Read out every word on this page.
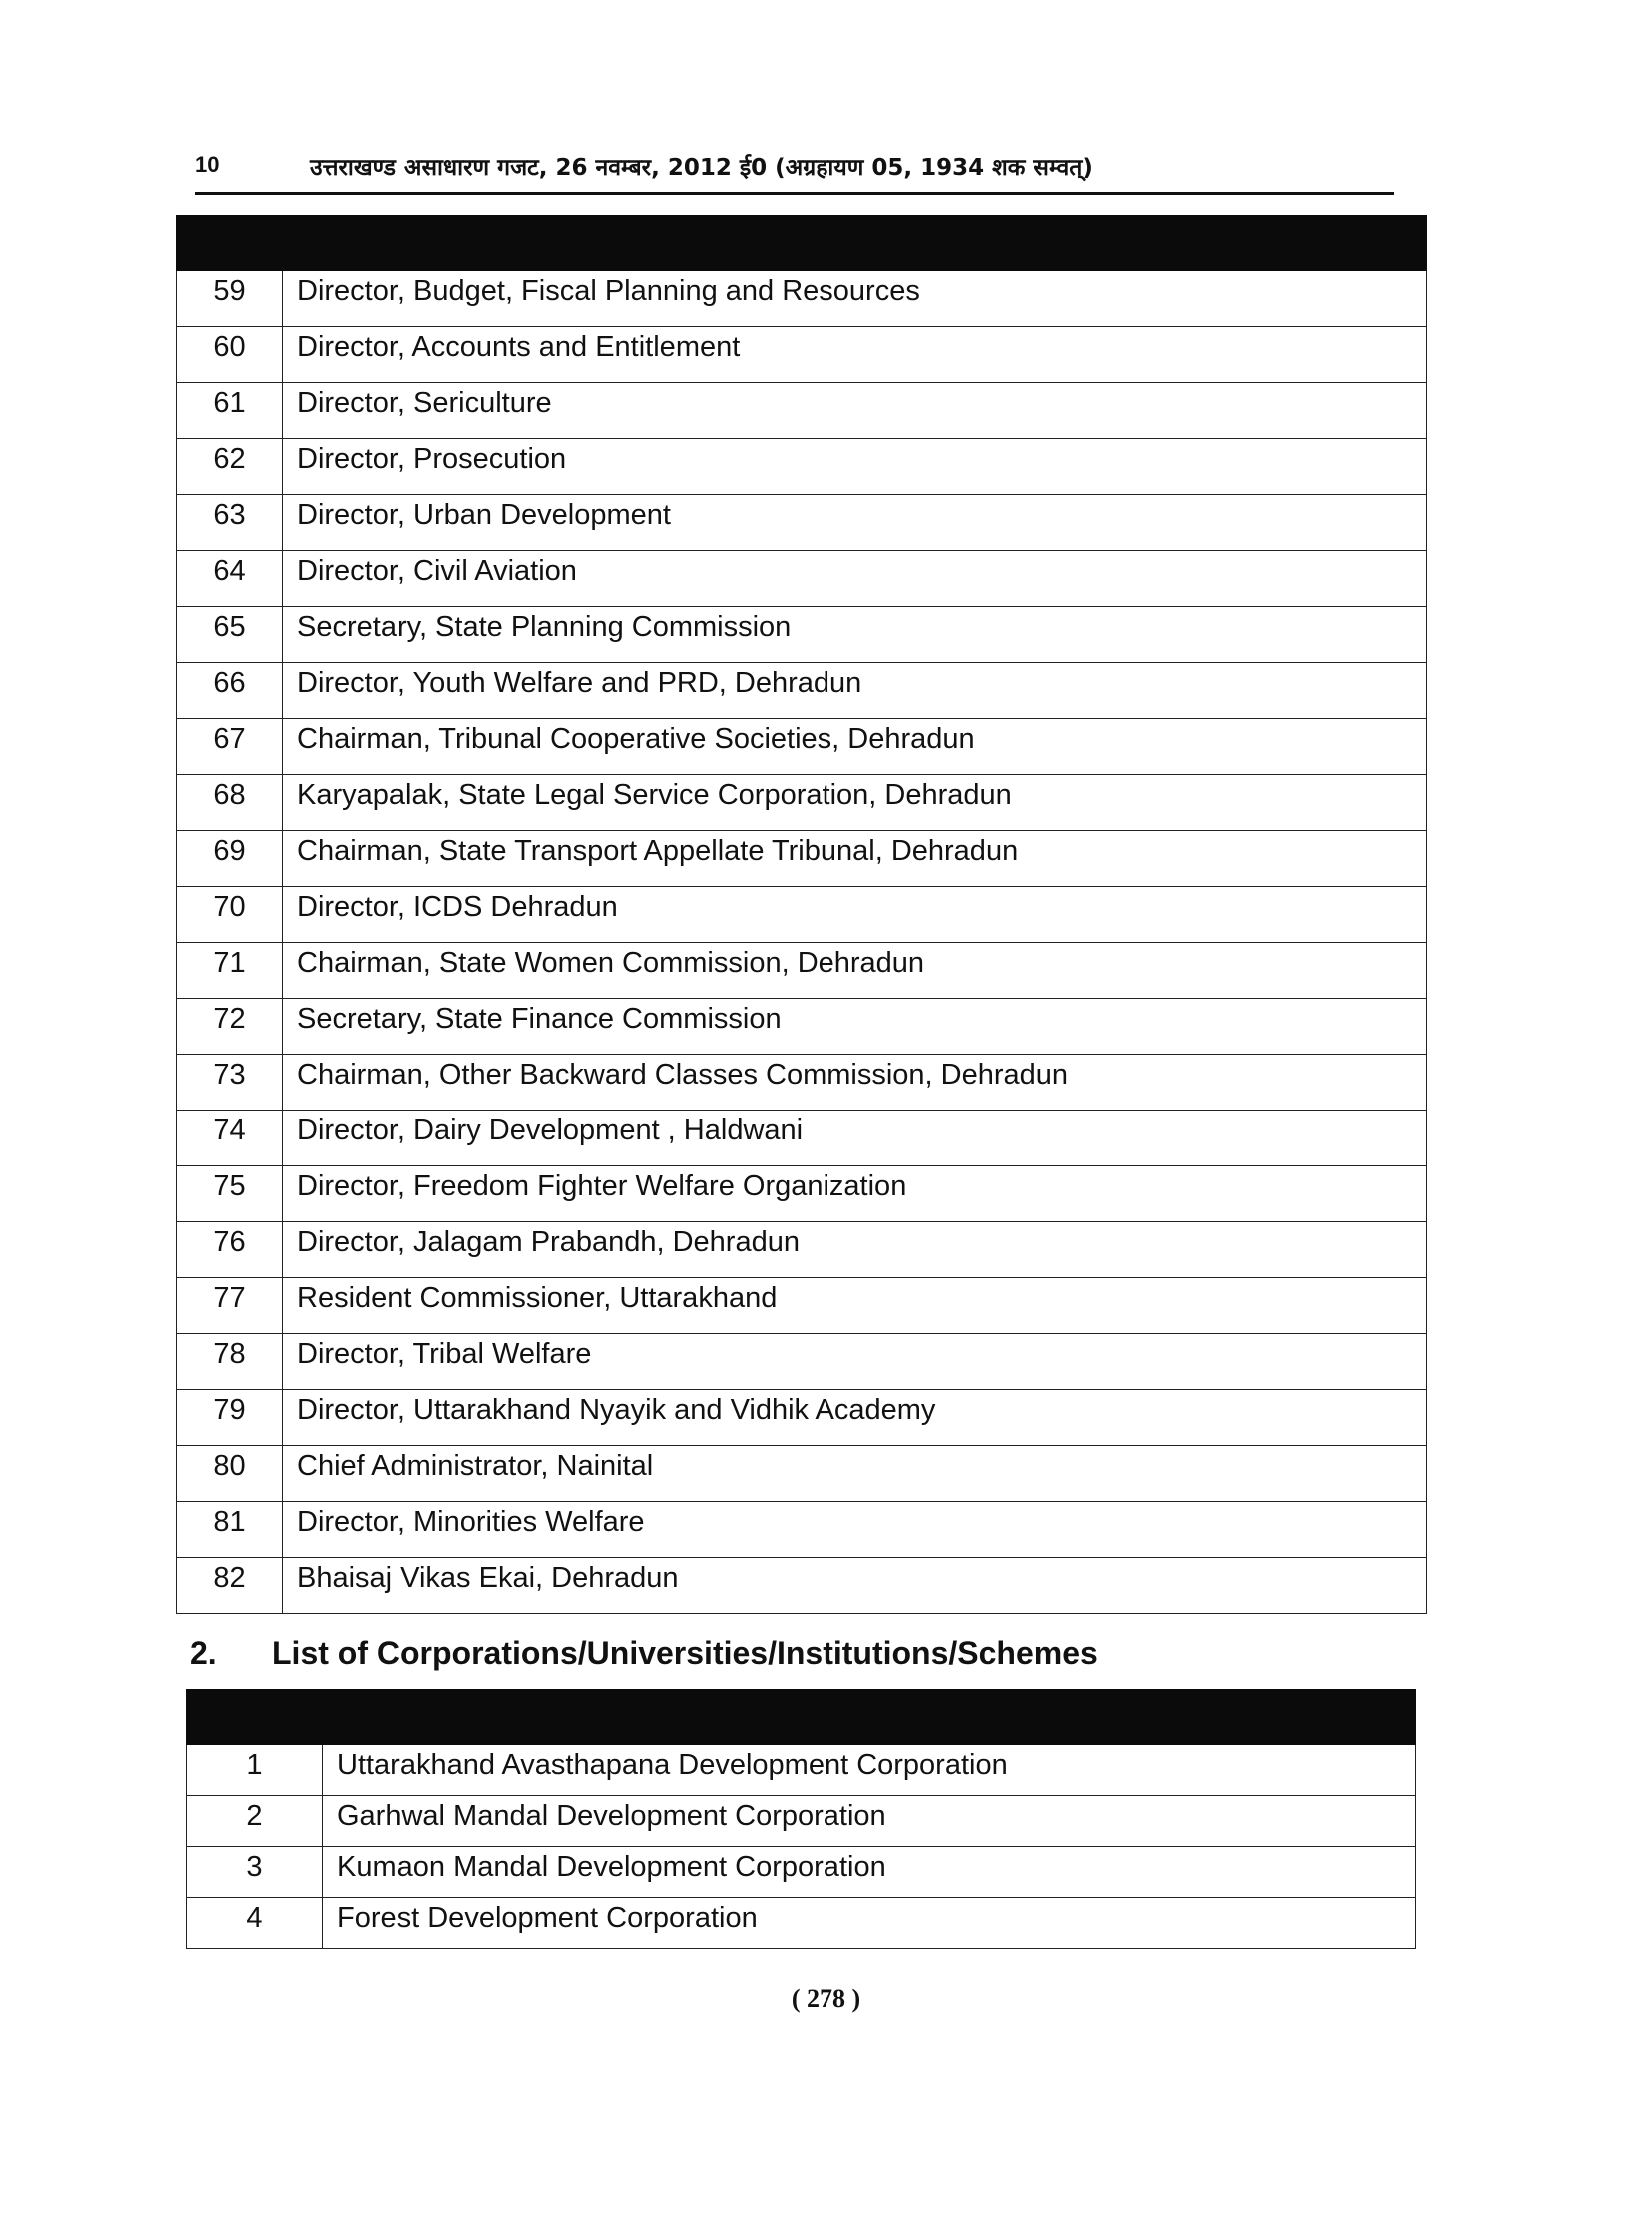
10	उत्तराखण्ड असाधारण गजट, 26 नवम्बर, 2012 ई0 (अग्रहायण 05, 1934 शक सम्वत्)

59	Director, Budget, Fiscal Planning and Resources
60	Director, Accounts and Entitlement
61	Director, Sericulture
62	Director, Prosecution
63	Director, Urban Development
64	Director, Civil Aviation
65	Secretary, State Planning Commission
66	Director, Youth Welfare and PRD, Dehradun
67	Chairman, Tribunal Cooperative Societies, Dehradun
68	Karyapalak, State Legal Service Corporation, Dehradun
69	Chairman, State Transport Appellate Tribunal, Dehradun
70	Director, ICDS Dehradun
71	Chairman, State Women Commission, Dehradun
72	Secretary, State Finance Commission
73	Chairman, Other Backward Classes Commission, Dehradun
74	Director, Dairy Development , Haldwani
75	Director, Freedom Fighter Welfare Organization
76	Director, Jalagam Prabandh, Dehradun
77	Resident Commissioner, Uttarakhand
78	Director, Tribal Welfare
79	Director, Uttarakhand Nyayik and Vidhik Academy
80	Chief Administrator, Nainital
81	Director, Minorities Welfare
82	Bhaisaj Vikas Ekai, Dehradun
2. List of Corporations/Universities/Institutions/Schemes

1	Uttarakhand Avasthapana Development Corporation
2	Garhwal Mandal Development Corporation
3	Kumaon Mandal Development Corporation
4	Forest Development Corporation
( 278 )
